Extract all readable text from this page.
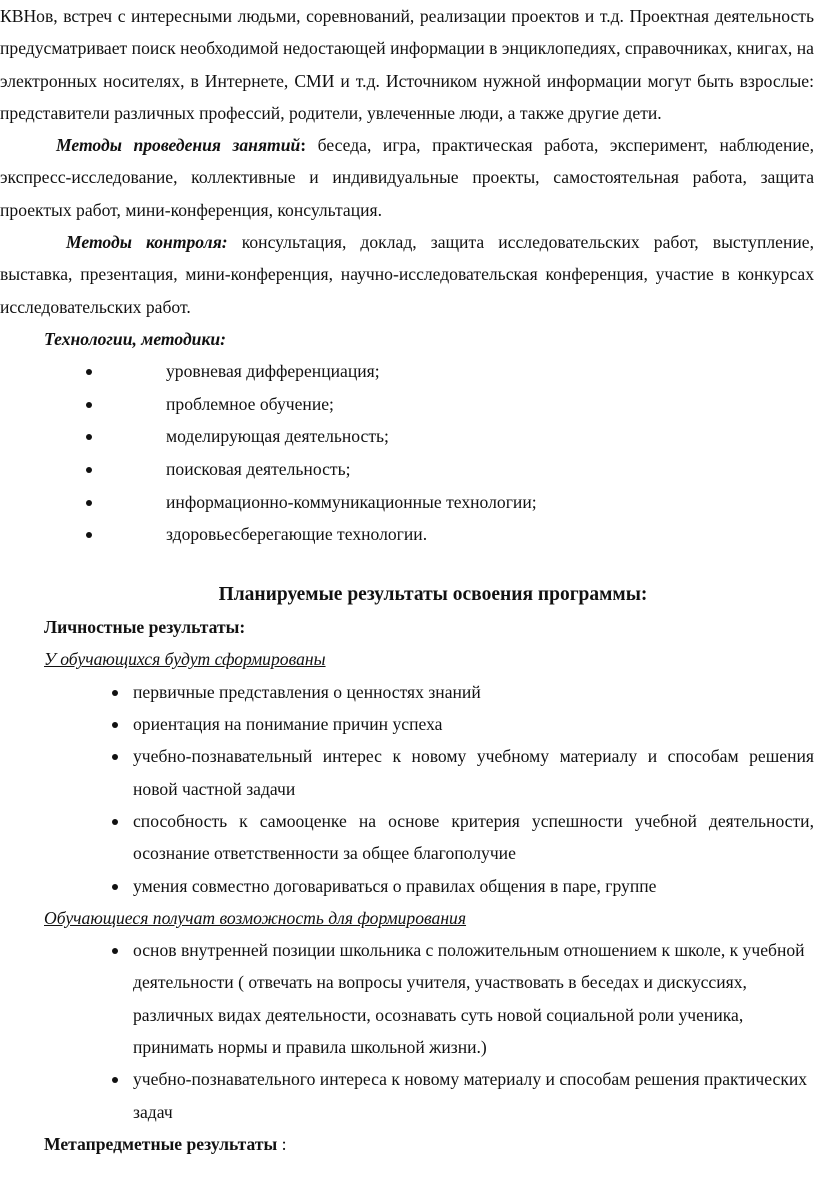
КВНов, встреч с интересными людьми, соревнований, реализации проектов и т.д. Проектная деятельность предусматривает поиск необходимой недостающей информации в энциклопедиях, справочниках, книгах, на электронных носителях, в Интернете, СМИ и т.д. Источником нужной информации могут быть взрослые: представители различных профессий, родители, увлеченные люди, а также другие дети.

Методы проведения занятий: беседа, игра, практическая работа, эксперимент, наблюдение, экспресс-исследование, коллективные и индивидуальные проекты, самостоятельная работа, защита проектых работ, мини-конференция, консультация.

Методы контроля: консультация, доклад, защита исследовательских работ, выступление, выставка, презентация, мини-конференция, научно-исследовательская конференция, участие в конкурсах исследовательских работ.

Технологии, методики:

уровневая дифференциация;
проблемное обучение;
моделирующая деятельность;
поисковая деятельность;
информационно-коммуникационные технологии;
здоровьесберегающие технологии.

Планируемые результаты освоения программы:

Личностные результаты:

У обучающихся будут сформированы

первичные представления о ценностях знаний
ориентация на понимание причин успеха
учебно-познавательный интерес к новому учебному материалу и способам решения новой частной задачи
способность к самооценке на основе критерия успешности учебной деятельности, осознание ответственности за общее благополучие
умения совместно договариваться о правилах общения в паре, группе

Обучающиеся получат возможность для формирования

основ внутренней позиции школьника с положительным отношением к школе, к учебной деятельности ( отвечать на вопросы учителя, участвовать в беседах и дискуссиях, различных видах деятельности, осознавать суть новой социальной роли ученика, принимать нормы и правила школьной жизни.)
учебно-познавательного интереса к новому материалу и способам решения практических задач

Метапредметные результаты :
